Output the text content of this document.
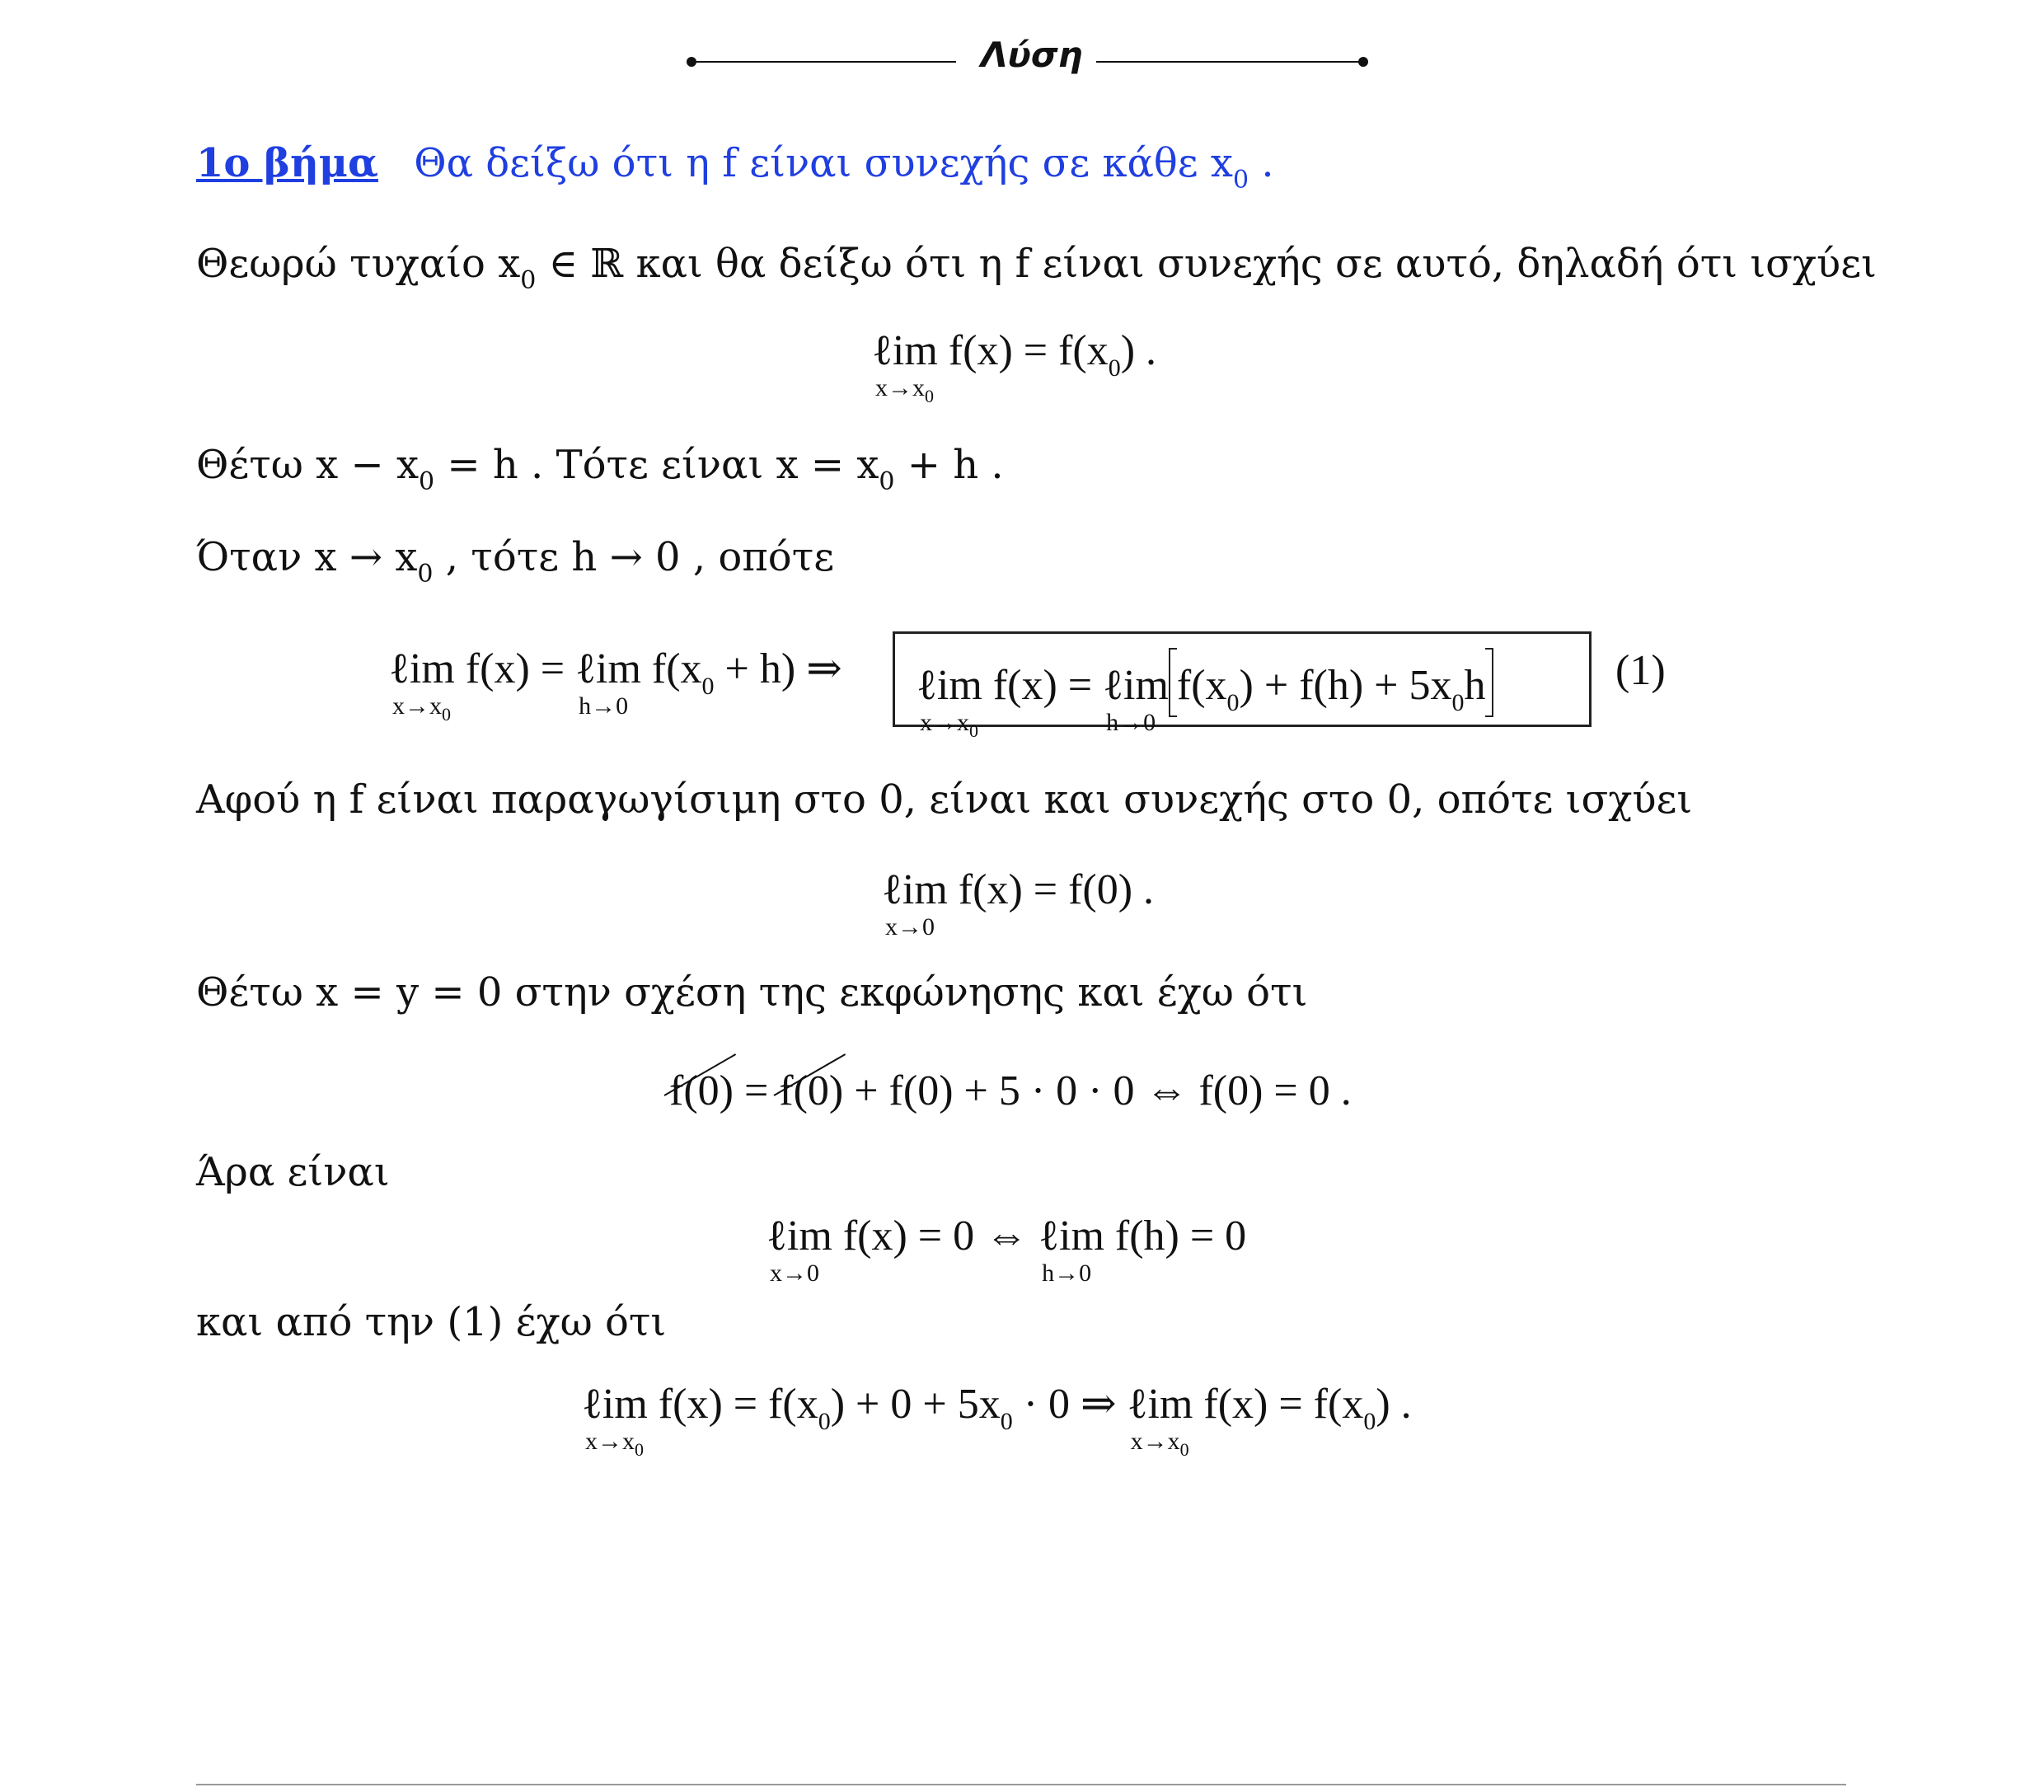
Λύση
1ο βήμα Θα δείξω ότι η f είναι συνεχής σε κάθε $x_0$ .
Θεωρώ τυχαίο $x_0$ ∈ ℝ και θα δείξω ότι η f είναι συνεχής σε αυτό, δηλαδή ότι ισχύει
ℓim
$x\to x_0$
$f(x) = f(x_0)$ .
Θέτω $x - x_0 = h$ . Τότε είναι $x = x_0 + h$ .
Όταν $x \to x_0$ , τότε h → 0 , οπότε
ℓim
$x\to x_0$
f(x) = ℓim
h→0
$f(x_0 + h)$ ⇒ ℓim
$x\to x_0$
f(x) = ℓim
h→0
$f(x_0) + f(h) + 5x_0h$	(1)
Αφού η f είναι παραγωγίσιμη στο 0, είναι και συνεχής στο 0, οπότε ισχύει
ℓim
x→0
f(x) = f(0) .
Θέτω x = y = 0 στην σχέση της εκφώνησης και έχω ότι
f(0)
= f(0)
+ f(0) + 5 · 0 · 0 ⇔ f(0) = 0 .
Άρα είναι
ℓim
x→0
f(x) = 0 ⇔ ℓim
h→0
f(h) = 0
και από την (1) έχω ότι
ℓim
$x\to x_0$
$f(x) = f(x_0) + 0 + 5x_0 \cdot 0$ ⇒ ℓim
$x\to x_0$
$f(x) = f(x_0)$ .
